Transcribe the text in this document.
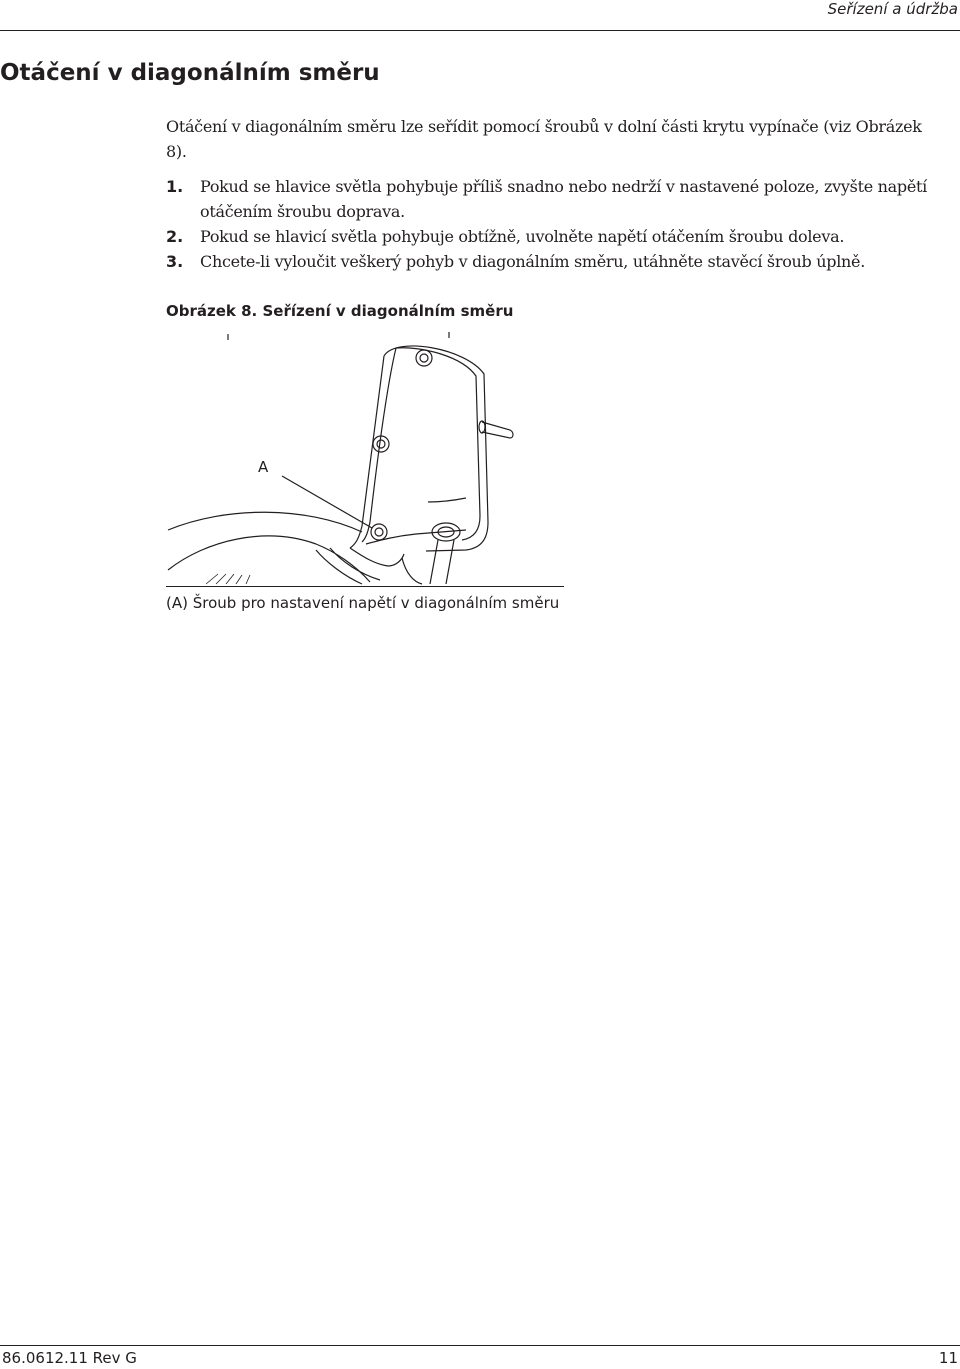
Seřízení a údržba
Otáčení v diagonálním směru

Otáčení v diagonálním směru lze seřídit pomocí šroubů v dolní části krytu vypínače (viz Obrázek 8).

1.	Pokud se hlavice světla pohybuje příliš snadno nebo nedrží v nastavené poloze, zvyšte napětí otáčením šroubu doprava.
2.	Pokud se hlavicí světla pohybuje obtížně, uvolněte napětí otáčením šroubu doleva.
3.	Chcete-li vyloučit veškerý pohyb v diagonálním směru, utáhněte stavěcí šroub úplně.
Obrázek 8. Seřízení v diagonálním směru
A
(A) Šroub pro nastavení napětí v diagonálním směru
86.0612.11 Rev G	11
